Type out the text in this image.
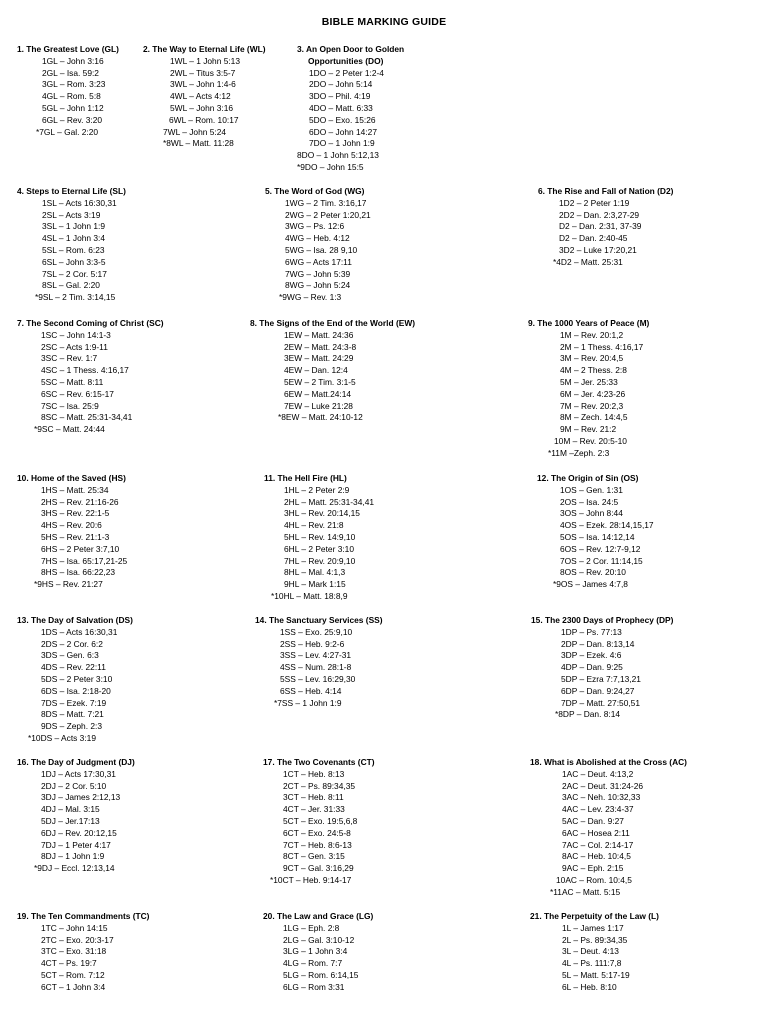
BIBLE MARKING GUIDE
1. The Greatest Love (GL)
1GL – John 3:16
2GL – Isa. 59:2
3GL – Rom. 3:23
4GL – Rom. 5:8
5GL – John 1:12
6GL – Rev. 3:20
*7GL – Gal. 2:20
2. The Way to Eternal Life (WL)
1WL – 1 John 5:13
2WL – Titus 3:5-7
3WL – John 1:4-6
4WL – Acts 4:12
5WL – John 3:16
6WL – Rom. 10:17
7WL – John 5:24
*8WL – Matt. 11:28
3. An Open Door to Golden
Opportunities (DO)
1DO – 2 Peter 1:2-4
2DO – John 5:14
3DO – Phil. 4:19
4DO – Matt. 6:33
5DO – Exo. 15:26
6DO – John 14:27
7DO – 1 John 1:9
8DO – 1 John 5:12,13
*9DO – John 15:5
4. Steps to Eternal Life (SL)
1SL – Acts 16:30,31
2SL – Acts 3:19
3SL – 1 John 1:9
4SL – 1 John 3:4
5SL – Rom. 6:23
6SL – John 3:3-5
7SL – 2 Cor. 5:17
8SL – Gal. 2:20
*9SL – 2 Tim. 3:14,15
5. The Word of God (WG)
1WG – 2 Tim. 3:16,17
2WG – 2 Peter 1:20,21
3WG – Ps. 12:6
4WG – Heb. 4:12
5WG – Isa. 28 9,10
6WG – Acts 17:11
7WG – John 5:39
8WG – John 5:24
*9WG – Rev. 1:3
6. The Rise and Fall of Nation (D2)
1D2 – 2 Peter 1:19
2D2 – Dan. 2:3,27-29
D2 – Dan. 2:31, 37-39
D2 – Dan. 2:40-45
3D2 – Luke 17:20,21
*4D2 – Matt. 25:31
7. The Second Coming of Christ (SC)
1SC – John 14:1-3
2SC – Acts 1:9-11
3SC – Rev. 1:7
4SC – 1 Thess. 4:16,17
5SC – Matt. 8:11
6SC – Rev. 6:15-17
7SC – Isa. 25:9
8SC – Matt. 25:31-34,41
*9SC – Matt. 24:44
8. The Signs of the End of the World (EW)
1EW – Matt. 24:36
2EW – Matt. 24:3-8
3EW – Matt. 24:29
4EW – Dan. 12:4
5EW – 2 Tim. 3:1-5
6EW – Matt.24:14
7EW – Luke 21:28
*8EW – Matt. 24:10-12
9. The 1000 Years of Peace (M)
1M – Rev. 20:1,2
2M – 1 Thess. 4:16,17
3M – Rev. 20:4,5
4M – 2 Thess. 2:8
5M – Jer. 25:33
6M – Jer. 4:23-26
7M – Rev. 20:2,3
8M – Zech. 14:4,5
9M – Rev. 21:2
10M – Rev. 20:5-10
*11M –Zeph. 2:3
10. Home of the Saved (HS)
1HS – Matt. 25:34
2HS – Rev. 21:16-26
3HS – Rev. 22:1-5
4HS – Rev. 20:6
5HS – Rev. 21:1-3
6HS – 2 Peter 3:7,10
7HS – Isa. 65:17,21-25
8HS – Isa. 66:22,23
*9HS – Rev. 21:27
11. The Hell Fire (HL)
1HL – 2 Peter 2:9
2HL – Matt. 25:31-34,41
3HL – Rev. 20:14,15
4HL – Rev. 21:8
5HL – Rev. 14:9,10
6HL – 2 Peter 3:10
7HL – Rev. 20:9,10
8HL – Mal. 4:1,3
9HL – Mark 1:15
*10HL – Matt. 18:8,9
12. The Origin of Sin (OS)
1OS – Gen. 1:31
2OS – Isa. 24:5
3OS – John 8:44
4OS – Ezek. 28:14,15,17
5OS – Isa. 14:12,14
6OS – Rev. 12:7-9,12
7OS – 2 Cor. 11:14,15
8OS – Rev. 20:10
*9OS – James 4:7,8
13. The Day of Salvation (DS)
1DS – Acts 16:30,31
2DS – 2 Cor. 6:2
3DS – Gen. 6:3
4DS – Rev. 22:11
5DS – 2 Peter 3:10
6DS – Isa. 2:18-20
7DS – Ezek. 7:19
8DS – Matt. 7:21
9DS – Zeph. 2:3
*10DS – Acts 3:19
14. The Sanctuary Services (SS)
1SS – Exo. 25:9,10
2SS – Heb. 9:2-6
3SS – Lev. 4:27-31
4SS – Num. 28:1-8
5SS – Lev. 16:29,30
6SS – Heb. 4:14
*7SS – 1 John 1:9
15. The 2300 Days of Prophecy (DP)
1DP – Ps. 77:13
2DP – Dan. 8:13,14
3DP – Ezek. 4:6
4DP – Dan. 9:25
5DP – Ezra 7:7,13,21
6DP – Dan. 9:24,27
7DP – Matt. 27:50,51
*8DP – Dan. 8:14
16. The Day of Judgment (DJ)
1DJ – Acts 17:30,31
2DJ – 2 Cor. 5:10
3DJ – James 2:12,13
4DJ – Mal. 3:15
5DJ – Jer.17:13
6DJ – Rev. 20:12,15
7DJ – 1 Peter 4:17
8DJ – 1 John 1:9
*9DJ – Eccl. 12:13,14
17. The Two Covenants (CT)
1CT – Heb. 8:13
2CT – Ps. 89:34,35
3CT – Heb. 8:11
4CT – Jer. 31:33
5CT – Exo. 19:5,6,8
6CT – Exo. 24:5-8
7CT – Heb. 8:6-13
8CT – Gen. 3:15
9CT – Gal. 3:16,29
*10CT – Heb. 9:14-17
18. What is Abolished at the Cross (AC)
1AC – Deut. 4:13,2
2AC – Deut. 31:24-26
3AC – Neh. 10:32,33
4AC – Lev. 23:4-37
5AC – Dan. 9:27
6AC – Hosea 2:11
7AC – Col. 2:14-17
8AC – Heb. 10:4,5
9AC – Eph. 2:15
10AC – Rom. 10:4,5
*11AC – Matt. 5:15
19. The Ten Commandments (TC)
1TC – John 14:15
2TC – Exo. 20:3-17
3TC – Exo. 31:18
4CT – Ps. 19:7
5CT – Rom. 7:12
6CT – 1 John 3:4
20. The Law and Grace (LG)
1LG – Eph. 2:8
2LG – Gal. 3:10-12
3LG – 1 John 3:4
4LG – Rom. 7:7
5LG – Rom. 6:14,15
6LG – Rom 3:31
21. The Perpetuity of the Law (L)
1L – James 1:17
2L – Ps. 89:34,35
3L – Deut. 4:13
4L – Ps. 111:7,8
5L – Matt. 5:17-19
6L – Heb. 8:10
